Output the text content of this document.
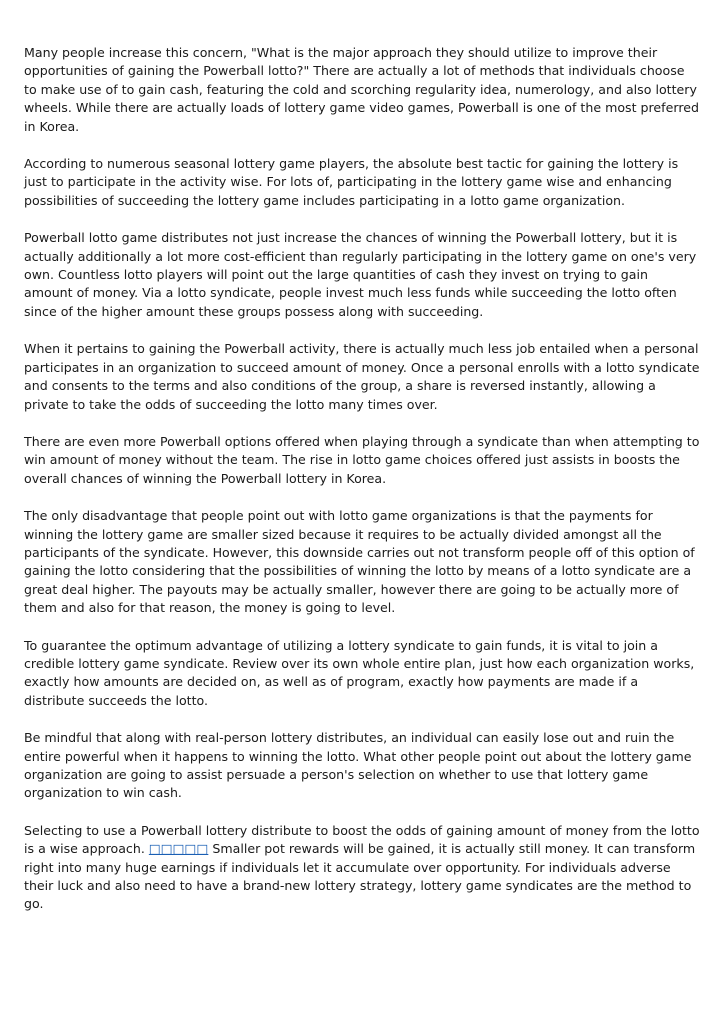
Many people increase this concern, "What is the major approach they should utilize to improve their opportunities of gaining the Powerball lotto?" There are actually a lot of methods that individuals choose to make use of to gain cash, featuring the cold and scorching regularity idea, numerology, and also lottery wheels. While there are actually loads of lottery game video games, Powerball is one of the most preferred in Korea.

According to numerous seasonal lottery game players, the absolute best tactic for gaining the lottery is just to participate in the activity wise. For lots of, participating in the lottery game wise and enhancing possibilities of succeeding the lottery game includes participating in a lotto game organization.

Powerball lotto game distributes not just increase the chances of winning the Powerball lottery, but it is actually additionally a lot more cost-efficient than regularly participating in the lottery game on one's very own. Countless lotto players will point out the large quantities of cash they invest on trying to gain amount of money. Via a lotto syndicate, people invest much less funds while succeeding the lotto often since of the higher amount these groups possess along with succeeding.

When it pertains to gaining the Powerball activity, there is actually much less job entailed when a personal participates in an organization to succeed amount of money. Once a personal enrolls with a lotto syndicate and consents to the terms and also conditions of the group, a share is reversed instantly, allowing a private to take the odds of succeeding the lotto many times over.

There are even more Powerball options offered when playing through a syndicate than when attempting to win amount of money without the team. The rise in lotto game choices offered just assists in boosts the overall chances of winning the Powerball lottery in Korea.

The only disadvantage that people point out with lotto game organizations is that the payments for winning the lottery game are smaller sized because it requires to be actually divided amongst all the participants of the syndicate. However, this downside carries out not transform people off of this option of gaining the lotto considering that the possibilities of winning the lotto by means of a lotto syndicate are a great deal higher. The payouts may be actually smaller, however there are going to be actually more of them and also for that reason, the money is going to level.

To guarantee the optimum advantage of utilizing a lottery syndicate to gain funds, it is vital to join a credible lottery game syndicate. Review over its own whole entire plan, just how each organization works, exactly how amounts are decided on, as well as of program, exactly how payments are made if a distribute succeeds the lotto.

Be mindful that along with real-person lottery distributes, an individual can easily lose out and ruin the entire powerful when it happens to winning the lotto. What other people point out about the lottery game organization are going to assist persuade a person's selection on whether to use that lottery game organization to win cash.

Selecting to use a Powerball lottery distribute to boost the odds of gaining amount of money from the lotto is a wise approach. □□□□□ Smaller pot rewards will be gained, it is actually still money. It can transform right into many huge earnings if individuals let it accumulate over opportunity. For individuals adverse their luck and also need to have a brand-new lottery strategy, lottery game syndicates are the method to go.
